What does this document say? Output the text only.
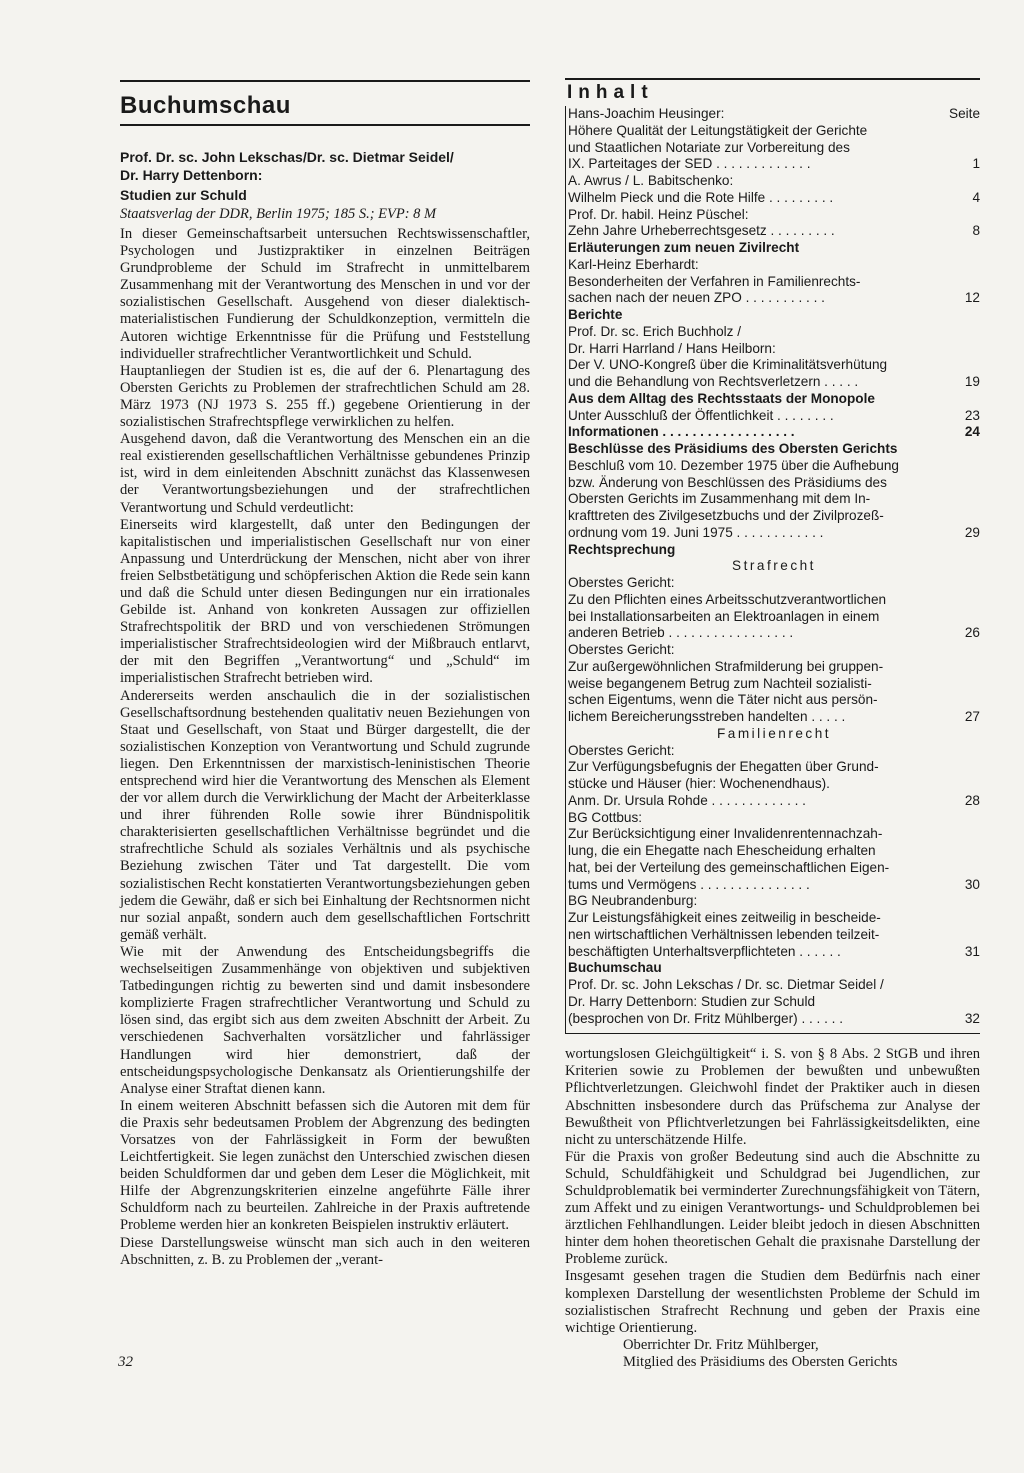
Buchumschau
Prof. Dr. sc. John Lekschas/Dr. sc. Dietmar Seidel/
Dr. Harry Dettenborn:
Studien zur Schuld
Staatsverlag der DDR, Berlin 1975; 185 S.; EVP: 8 M

In dieser Gemeinschaftsarbeit untersuchen Rechtswissenschaftler, Psychologen und Justizpraktiker in einzelnen Beiträgen Grundprobleme der Schuld im Strafrecht in unmittelbarem Zusammenhang mit der Verantwortung des Menschen in und vor der sozialistischen Gesellschaft. Ausgehend von dieser dialektisch-materialistischen Fundierung der Schuldkonzeption, vermitteln die Autoren wichtige Erkenntnisse für die Prüfung und Feststellung individueller strafrechtlicher Verantwortlichkeit und Schuld.

Hauptanliegen der Studien ist es, die auf der 6. Plenartagung des Obersten Gerichts zu Problemen der strafrechtlichen Schuld am 28. März 1973 (NJ 1973 S. 255 ff.) gegebene Orientierung in der sozialistischen Strafrechtspflege verwirklichen zu helfen.

Ausgehend davon, daß die Verantwortung des Menschen ein an die real existierenden gesellschaftlichen Verhältnisse gebundenes Prinzip ist, wird in dem einleitenden Abschnitt zunächst das Klassenwesen der Verantwortungsbeziehungen und der strafrechtlichen Verantwortung und Schuld verdeutlicht:

Einerseits wird klargestellt, daß unter den Bedingungen der kapitalistischen und imperialistischen Gesellschaft nur von einer Anpassung und Unterdrückung der Menschen, nicht aber von ihrer freien Selbstbetätigung und schöpferischen Aktion die Rede sein kann und daß die Schuld unter diesen Bedingungen nur ein irrationales Gebilde ist. Anhand von konkreten Aussagen zur offiziellen Strafrechtspolitik der BRD und von verschiedenen Strömungen imperialistischer Strafrechtsideologien wird der Mißbrauch entlarvt, der mit den Begriffen „Verantwortung“ und „Schuld“ im imperialistischen Strafrecht betrieben wird.

Andererseits werden anschaulich die in der sozialistischen Gesellschaftsordnung bestehenden qualitativ neuen Beziehungen von Staat und Gesellschaft, von Staat und Bürger dargestellt, die der sozialistischen Konzeption von Verantwortung und Schuld zugrunde liegen. Den Erkenntnissen der marxistisch-leninistischen Theorie entsprechend wird hier die Verantwortung des Menschen als Element der vor allem durch die Verwirklichung der Macht der Arbeiterklasse und ihrer führenden Rolle sowie ihrer Bündnispolitik charakterisierten gesellschaftlichen Verhältnisse begründet und die strafrechtliche Schuld als soziales Verhältnis und als psychische Beziehung zwischen Täter und Tat dargestellt. Die vom sozialistischen Recht konstatierten Verantwortungsbeziehungen geben jedem die Gewähr, daß er sich bei Einhaltung der Rechtsnormen nicht nur sozial anpaßt, sondern auch dem gesellschaftlichen Fortschritt gemäß verhält.

Wie mit der Anwendung des Entscheidungsbegriffs die wechselseitigen Zusammenhänge von objektiven und subjektiven Tatbedingungen richtig zu bewerten sind und damit insbesondere komplizierte Fragen strafrechtlicher Verantwortung und Schuld zu lösen sind, das ergibt sich aus dem zweiten Abschnitt der Arbeit. Zu verschiedenen Sachverhalten vorsätzlicher und fahrlässiger Handlungen wird hier demonstriert, daß der entscheidungspsychologische Denkansatz als Orientierungshilfe der Analyse einer Straftat dienen kann.

In einem weiteren Abschnitt befassen sich die Autoren mit dem für die Praxis sehr bedeutsamen Problem der Abgrenzung des bedingten Vorsatzes von der Fahrlässigkeit in Form der bewußten Leichtfertigkeit. Sie legen zunächst den Unterschied zwischen diesen beiden Schuldformen dar und geben dem Leser die Möglichkeit, mit Hilfe der Abgrenzungskriterien einzelne angeführte Fälle ihrer Schuldform nach zu beurteilen. Zahlreiche in der Praxis auftretende Probleme werden hier an konkreten Beispielen instruktiv erläutert.

Diese Darstellungsweise wünscht man sich auch in den weiteren Abschnitten, z. B. zu Problemen der „verant-

Inhalt
Hans-Joachim Heusinger:	Seite
Höhere Qualität der Leitungstätigkeit der Gerichte
und Staatlichen Notariate zur Vorbereitung des
IX. Parteitages der SED . . . . . . . . . . . . .	1
A. Awrus / L. Babitschenko:
Wilhelm Pieck und die Rote Hilfe . . . . . . . . .	4
Prof. Dr. habil. Heinz Püschel:
Zehn Jahre Urheberrechtsgesetz . . . . . . . . .	8
Erläuterungen zum neuen Zivilrecht
Karl-Heinz Eberhardt:
Besonderheiten der Verfahren in Familienrechts-
sachen nach der neuen ZPO . . . . . . . . . . .	12
Berichte
Prof. Dr. sc. Erich Buchholz /
Dr. Harri Harrland / Hans Heilborn:
Der V. UNO-Kongreß über die Kriminalitätsverhütung
und die Behandlung von Rechtsverletzern . . . . .	19
Aus dem Alltag des Rechtsstaats der Monopole
Unter Ausschluß der Öffentlichkeit . . . . . . . .	23
Informationen . . . . . . . . . . . . . . . . . .	24
Beschlüsse des Präsidiums des Obersten Gerichts
Beschluß vom 10. Dezember 1975 über die Aufhebung
bzw. Änderung von Beschlüssen des Präsidiums des
Obersten Gerichts im Zusammenhang mit dem In-
krafttreten des Zivilgesetzbuchs und der Zivilprozeß-
ordnung vom 19. Juni 1975 . . . . . . . . . . . .	29
Rechtsprechung
Strafrecht
Oberstes Gericht:
Zu den Pflichten eines Arbeitsschutzverantwortlichen
bei Installationsarbeiten an Elektroanlagen in einem
anderen Betrieb . . . . . . . . . . . . . . . . .	26
Oberstes Gericht:
Zur außergewöhnlichen Strafmilderung bei gruppen-
weise begangenem Betrug zum Nachteil sozialisti-
schen Eigentums, wenn die Täter nicht aus persön-
lichem Bereicherungsstreben handelten . . . . .	27
Familienrecht
Oberstes Gericht:
Zur Verfügungsbefugnis der Ehegatten über Grund-
stücke und Häuser (hier: Wochenendhaus).
Anm. Dr. Ursula Rohde . . . . . . . . . . . . .	28
BG Cottbus:
Zur Berücksichtigung einer Invalidenrentennachzah-
lung, die ein Ehegatte nach Ehescheidung erhalten
hat, bei der Verteilung des gemeinschaftlichen Eigen-
tums und Vermögens . . . . . . . . . . . . . . .	30
BG Neubrandenburg:
Zur Leistungsfähigkeit eines zeitweilig in bescheide-
nen wirtschaftlichen Verhältnissen lebenden teilzeit-
beschäftigten Unterhaltsverpflichteten . . . . . .	31
Buchumschau
Prof. Dr. sc. John Lekschas / Dr. sc. Dietmar Seidel /
Dr. Harry Dettenborn: Studien zur Schuld
(besprochen von Dr. Fritz Mühlberger) . . . . . .	32

wortungslosen Gleichgültigkeit“ i. S. von § 8 Abs. 2 StGB und ihren Kriterien sowie zu Problemen der bewußten und unbewußten Pflichtverletzungen. Gleichwohl findet der Praktiker auch in diesen Abschnitten insbesondere durch das Prüfschema zur Analyse der Bewußtheit von Pflichtverletzungen bei Fahrlässigkeitsdelikten, eine nicht zu unterschätzende Hilfe.

Für die Praxis von großer Bedeutung sind auch die Abschnitte zu Schuld, Schuldfähigkeit und Schuldgrad bei Jugendlichen, zur Schuldproblematik bei verminderter Zurechnungsfähigkeit von Tätern, zum Affekt und zu einigen Verantwortungs- und Schuldproblemen bei ärztlichen Fehlhandlungen. Leider bleibt jedoch in diesen Abschnitten hinter dem hohen theoretischen Gehalt die praxisnahe Darstellung der Probleme zurück.

Insgesamt gesehen tragen die Studien dem Bedürfnis nach einer komplexen Darstellung der wesentlichsten Probleme der Schuld im sozialistischen Strafrecht Rechnung und geben der Praxis eine wichtige Orientierung.

Oberrichter Dr. Fritz Mühlberger,
Mitglied des Präsidiums des Obersten Gerichts
32
